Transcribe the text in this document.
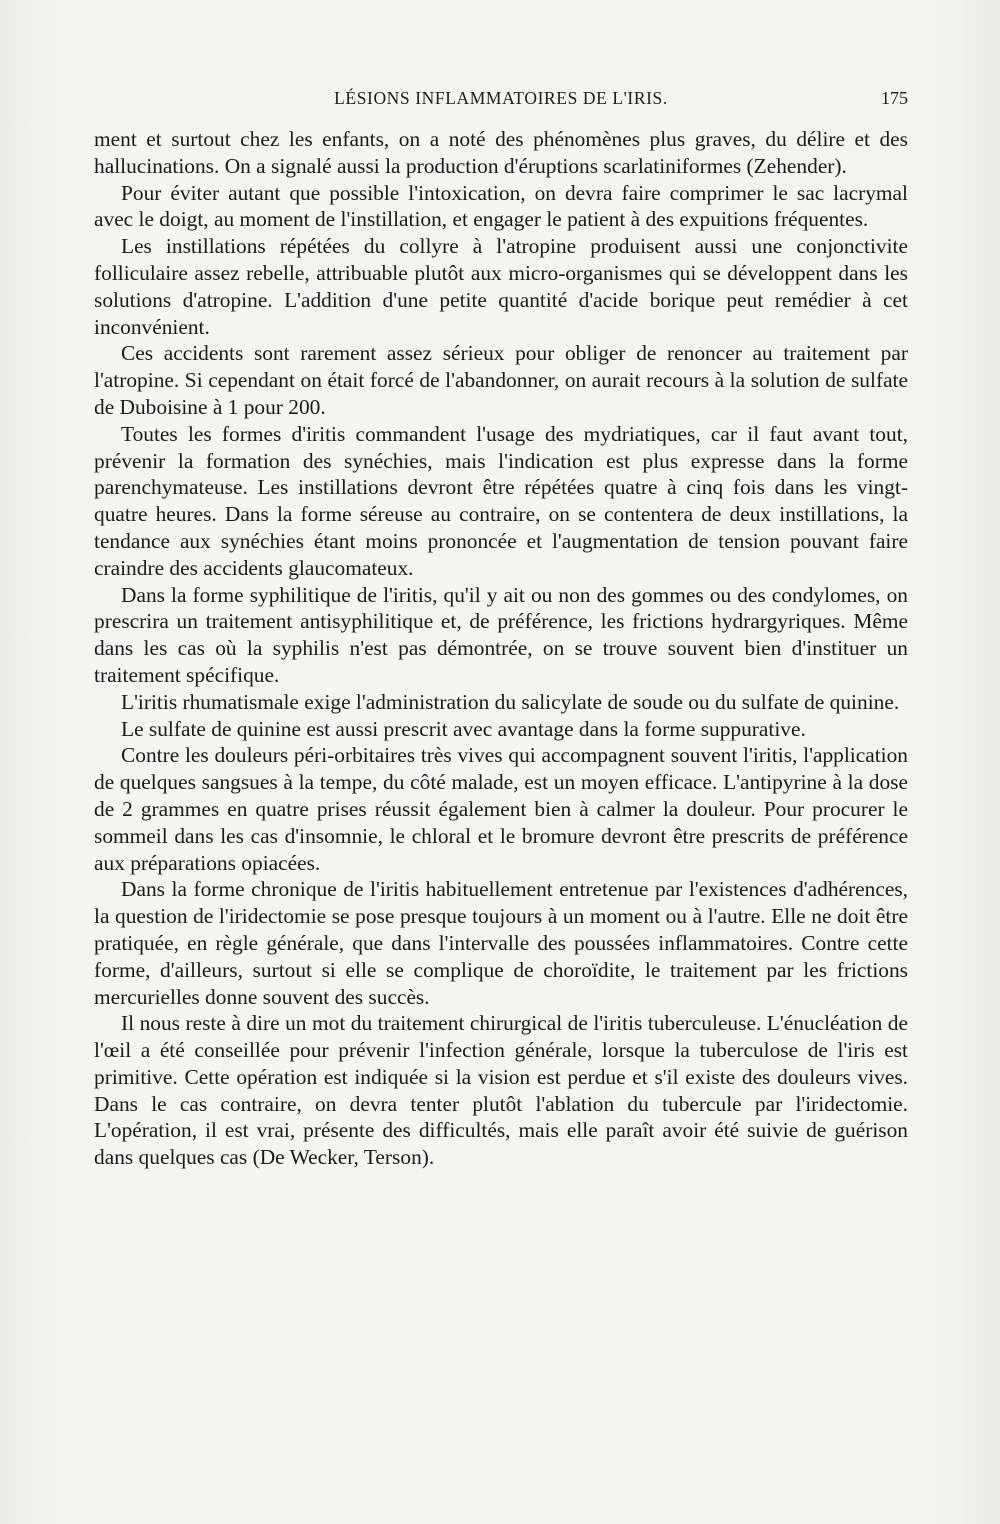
LÉSIONS INFLAMMATOIRES DE L'IRIS.	175

ment et surtout chez les enfants, on a noté des phénomènes plus graves, du délire et des hallucinations. On a signalé aussi la production d'éruptions scarlatiniformes (Zehender).

Pour éviter autant que possible l'intoxication, on devra faire comprimer le sac lacrymal avec le doigt, au moment de l'instillation, et engager le patient à des expuitions fréquentes.

Les instillations répétées du collyre à l'atropine produisent aussi une conjonctivite folliculaire assez rebelle, attribuable plutôt aux micro-organismes qui se développent dans les solutions d'atropine. L'addition d'une petite quantité d'acide borique peut remédier à cet inconvénient.

Ces accidents sont rarement assez sérieux pour obliger de renoncer au traitement par l'atropine. Si cependant on était forcé de l'abandonner, on aurait recours à la solution de sulfate de Duboisine à 1 pour 200.

Toutes les formes d'iritis commandent l'usage des mydriatiques, car il faut avant tout, prévenir la formation des synéchies, mais l'indication est plus expresse dans la forme parenchymateuse. Les instillations devront être répétées quatre à cinq fois dans les vingt-quatre heures. Dans la forme séreuse au contraire, on se contentera de deux instillations, la tendance aux synéchies étant moins prononcée et l'augmentation de tension pouvant faire craindre des accidents glaucomateux.

Dans la forme syphilitique de l'iritis, qu'il y ait ou non des gommes ou des condylomes, on prescrira un traitement antisyphilitique et, de préférence, les frictions hydrargyriques. Même dans les cas où la syphilis n'est pas démontrée, on se trouve souvent bien d'instituer un traitement spécifique.

L'iritis rhumatismale exige l'administration du salicylate de soude ou du sulfate de quinine.

Le sulfate de quinine est aussi prescrit avec avantage dans la forme suppurative.

Contre les douleurs péri-orbitaires très vives qui accompagnent souvent l'iritis, l'application de quelques sangsues à la tempe, du côté malade, est un moyen efficace. L'antipyrine à la dose de 2 grammes en quatre prises réussit également bien à calmer la douleur. Pour procurer le sommeil dans les cas d'insomnie, le chloral et le bromure devront être prescrits de préférence aux préparations opiacées.

Dans la forme chronique de l'iritis habituellement entretenue par l'existences d'adhérences, la question de l'iridectomie se pose presque toujours à un moment ou à l'autre. Elle ne doit être pratiquée, en règle générale, que dans l'intervalle des poussées inflammatoires. Contre cette forme, d'ailleurs, surtout si elle se complique de choroïdite, le traitement par les frictions mercurielles donne souvent des succès.

Il nous reste à dire un mot du traitement chirurgical de l'iritis tuberculeuse. L'énucléation de l'œil a été conseillée pour prévenir l'infection générale, lorsque la tuberculose de l'iris est primitive. Cette opération est indiquée si la vision est perdue et s'il existe des douleurs vives. Dans le cas contraire, on devra tenter plutôt l'ablation du tubercule par l'iridectomie. L'opération, il est vrai, présente des difficultés, mais elle paraît avoir été suivie de guérison dans quelques cas (De Wecker, Terson).
